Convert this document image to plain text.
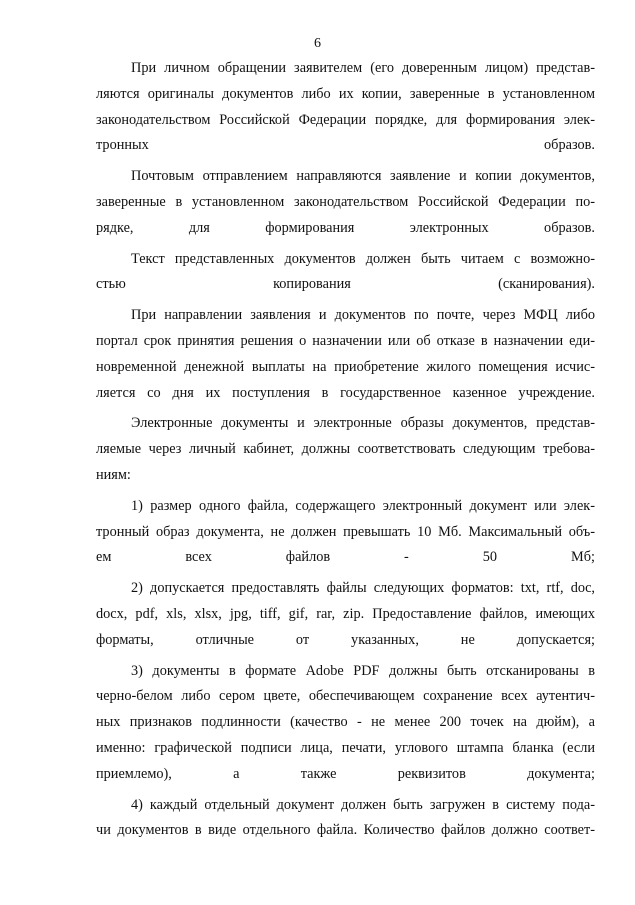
6

При личном обращении заявителем (его доверенным лицом) представ-
ляются оригиналы документов либо их копии, заверенные в установленном
законодательством Российской Федерации порядке, для формирования элек-
тронных образов.

Почтовым отправлением направляются заявление и копии документов,
заверенные в установленном законодательством Российской Федерации по-
рядке, для формирования электронных образов.

Текст представленных документов должен быть читаем с возможно-
стью копирования (сканирования).

При направлении заявления и документов по почте, через МФЦ либо
портал срок принятия решения о назначении или об отказе в назначении еди-
новременной денежной выплаты на приобретение жилого помещения исчис-
ляется со дня их поступления в государственное казенное учреждение.

Электронные документы и электронные образы документов, представ-
ляемые через личный кабинет, должны соответствовать следующим требова-
ниям:

1) размер одного файла, содержащего электронный документ или элек-
тронный образ документа, не должен превышать 10 Мб. Максимальный объ-
ем всех файлов - 50 Мб;

2) допускается предоставлять файлы следующих форматов: txt, rtf, doc,
docx, pdf, xls, xlsx, jpg, tiff, gif, rar, zip. Предоставление файлов, имеющих
форматы, отличные от указанных, не допускается;

3) документы в формате Adobe PDF должны быть отсканированы в
черно-белом либо сером цвете, обеспечивающем сохранение всех аутентич-
ных признаков подлинности (качество - не менее 200 точек на дюйм), а
именно: графической подписи лица, печати, углового штампа бланка (если
приемлемо), а также реквизитов документа;

4) каждый отдельный документ должен быть загружен в систему пода-
чи документов в виде отдельного файла. Количество файлов должно соответ-
